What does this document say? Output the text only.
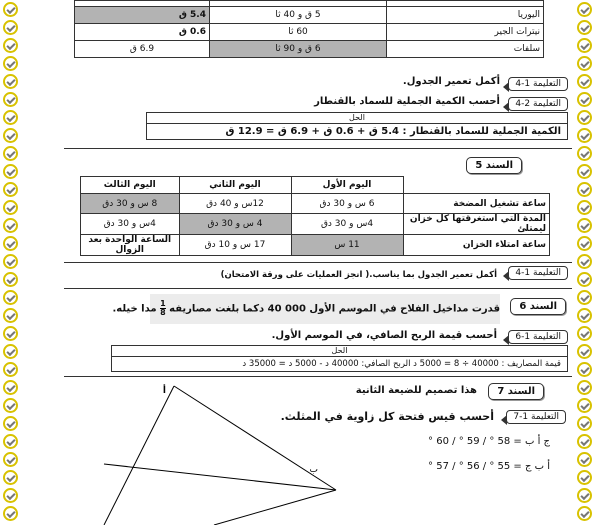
اليوريا	5 ق و 40 ثا	5.4 ق
نيترات الجير	60 ثا	0.6 ق
سلفات	6 ق و 90 ثا	6.9 ق
التعليمة 1-4
أكمل تعمير الجدول.
التعليمة 2-4
أحسب الكمية الجملية للسماد بالقنطار
الحل
الكمية الجملية للسماد بالقنطار : 5.4 ق + 0.6 ق + 6.9 ق = 12.9 ق
السند 5
	اليوم الأول	اليوم الثاني	اليوم الثالث
ساعة تشغيل المضخة	6 س و 30 دق	12س و 40 دق	8 س و 30 دق
المدة التي استغرقتها كل خزان ليمتلئ	4س و 30 دق	4 س و 30 دق	4س و 30 دق
ساعة امتلاء الخزان	11 س	17 س و 10 دق	الساعة الواحدة بعد الزوال
التعليمة 1-4
أكمل تعمير الجدول بما يناسب.( انجز العمليات على ورقة الامتحان)
السند 6
قدرت مداخيل الفلاح في الموسم الأول 000 40 دكما بلغت مصاريفه
$\frac{1}{8}$
مدا خيله.
التعليمة 1-6
أحسب قيمة الربح الصافي، في الموسم الأول.
الحل
قيمة المصاريف : 40000 ÷ 8 = 5000 د الربح الصافي: 40000 د - 5000 د = 35000 د
السند 7
هذا تصميم للضيعة الثانية
التعليمة 1-7
أحسب قيس فتحة كل زاوية في المثلث.
ج أ ب = 58 ° / 59 ° / 60 °
أ ب ج = 55 ° / 56 ° / 57 °
أ
ب
